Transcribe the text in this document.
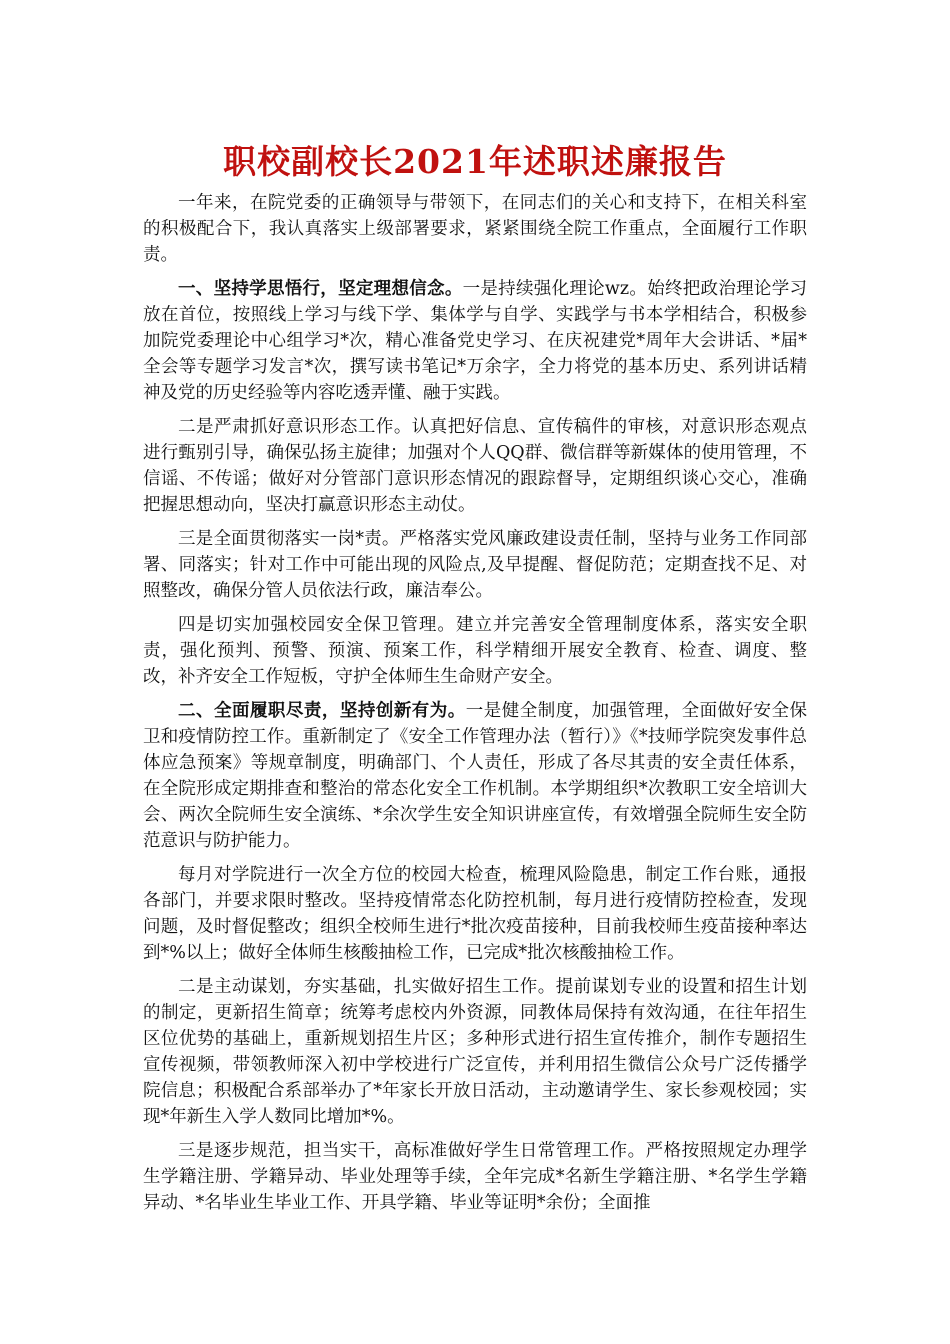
职校副校长2021年述职述廉报告

一年来，在院党委的正确领导与带领下，在同志们的关心和支持下，在相关科室的积极配合下，我认真落实上级部署要求，紧紧围绕全院工作重点，全面履行工作职责。

一、坚持学思悟行，坚定理想信念。一是持续强化理论wz。始终把政治理论学习放在首位，按照线上学习与线下学、集体学与自学、实践学与书本学相结合，积极参加院党委理论中心组学习*次，精心准备党史学习、在庆祝建党*周年大会讲话、*届*全会等专题学习发言*次，撰写读书笔记*万余字，全力将党的基本历史、系列讲话精神及党的历史经验等内容吃透弄懂、融于实践。

二是严肃抓好意识形态工作。认真把好信息、宣传稿件的审核，对意识形态观点进行甄别引导，确保弘扬主旋律；加强对个人QQ群、微信群等新媒体的使用管理，不信谣、不传谣；做好对分管部门意识形态情况的跟踪督导，定期组织谈心交心，准确把握思想动向，坚决打赢意识形态主动仗。

三是全面贯彻落实一岗*责。严格落实党风廉政建设责任制，坚持与业务工作同部署、同落实；针对工作中可能出现的风险点,及早提醒、督促防范；定期查找不足、对照整改，确保分管人员依法行政，廉洁奉公。

四是切实加强校园安全保卫管理。建立并完善安全管理制度体系，落实安全职责，强化预判、预警、预演、预案工作，科学精细开展安全教育、检查、调度、整改，补齐安全工作短板，守护全体师生生命财产安全。

二、全面履职尽责，坚持创新有为。一是健全制度，加强管理，全面做好安全保卫和疫情防控工作。重新制定了《安全工作管理办法（暂行）》《*技师学院突发事件总体应急预案》等规章制度，明确部门、个人责任，形成了各尽其责的安全责任体系，在全院形成定期排查和整治的常态化安全工作机制。本学期组织*次教职工安全培训大会、两次全院师生安全演练、*余次学生安全知识讲座宣传，有效增强全院师生安全防范意识与防护能力。

每月对学院进行一次全方位的校园大检查，梳理风险隐患，制定工作台账，通报各部门，并要求限时整改。坚持疫情常态化防控机制，每月进行疫情防控检查，发现问题，及时督促整改；组织全校师生进行*批次疫苗接种，目前我校师生疫苗接种率达到*%以上；做好全体师生核酸抽检工作，已完成*批次核酸抽检工作。

二是主动谋划，夯实基础，扎实做好招生工作。提前谋划专业的设置和招生计划的制定，更新招生简章；统筹考虑校内外资源，同教体局保持有效沟通，在往年招生区位优势的基础上，重新规划招生片区；多种形式进行招生宣传推介，制作专题招生宣传视频，带领教师深入初中学校进行广泛宣传，并利用招生微信公众号广泛传播学院信息；积极配合系部举办了*年家长开放日活动，主动邀请学生、家长参观校园；实现*年新生入学人数同比增加*%。

三是逐步规范，担当实干，高标准做好学生日常管理工作。严格按照规定办理学生学籍注册、学籍异动、毕业处理等手续，全年完成*名新生学籍注册、*名学生学籍异动、*名毕业生毕业工作、开具学籍、毕业等证明*余份；全面推
